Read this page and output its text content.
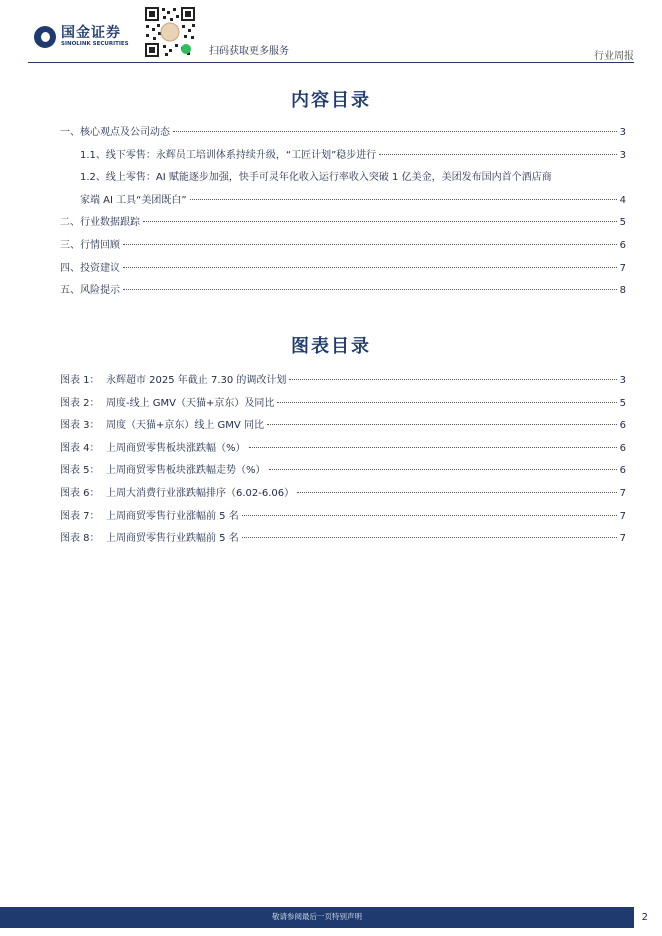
国金证券
SINOLINK SECURITIES
扫码获取更多服务	行业周报
内容目录
一、核心观点及公司动态	3
1.1、线下零售：永辉员工培训体系持续升级，“工匠计划”稳步进行	3
1.2、线上零售：AI 赋能逐步加强，快手可灵年化收入运行率收入突破 1 亿美金，美团发布国内首个酒店商
家端 AI 工具“美团既白”	4
二、行业数据跟踪	5
三、行情回顾	6
四、投资建议	7
五、风险提示	8
图表目录
图表 1： 永辉超市 2025 年截止 7.30 的调改计划	3
图表 2： 周度-线上 GMV（天猫+京东）及同比	5
图表 3： 周度（天猫+京东）线上 GMV 同比	6
图表 4： 上周商贸零售板块涨跌幅（%）	6
图表 5： 上周商贸零售板块涨跌幅走势（%）	6
图表 6： 上周大消费行业涨跌幅排序（6.02-6.06）	7
图表 7： 上周商贸零售行业涨幅前 5 名	7
图表 8： 上周商贸零售行业跌幅前 5 名	7
敬请参阅最后一页特别声明	2
